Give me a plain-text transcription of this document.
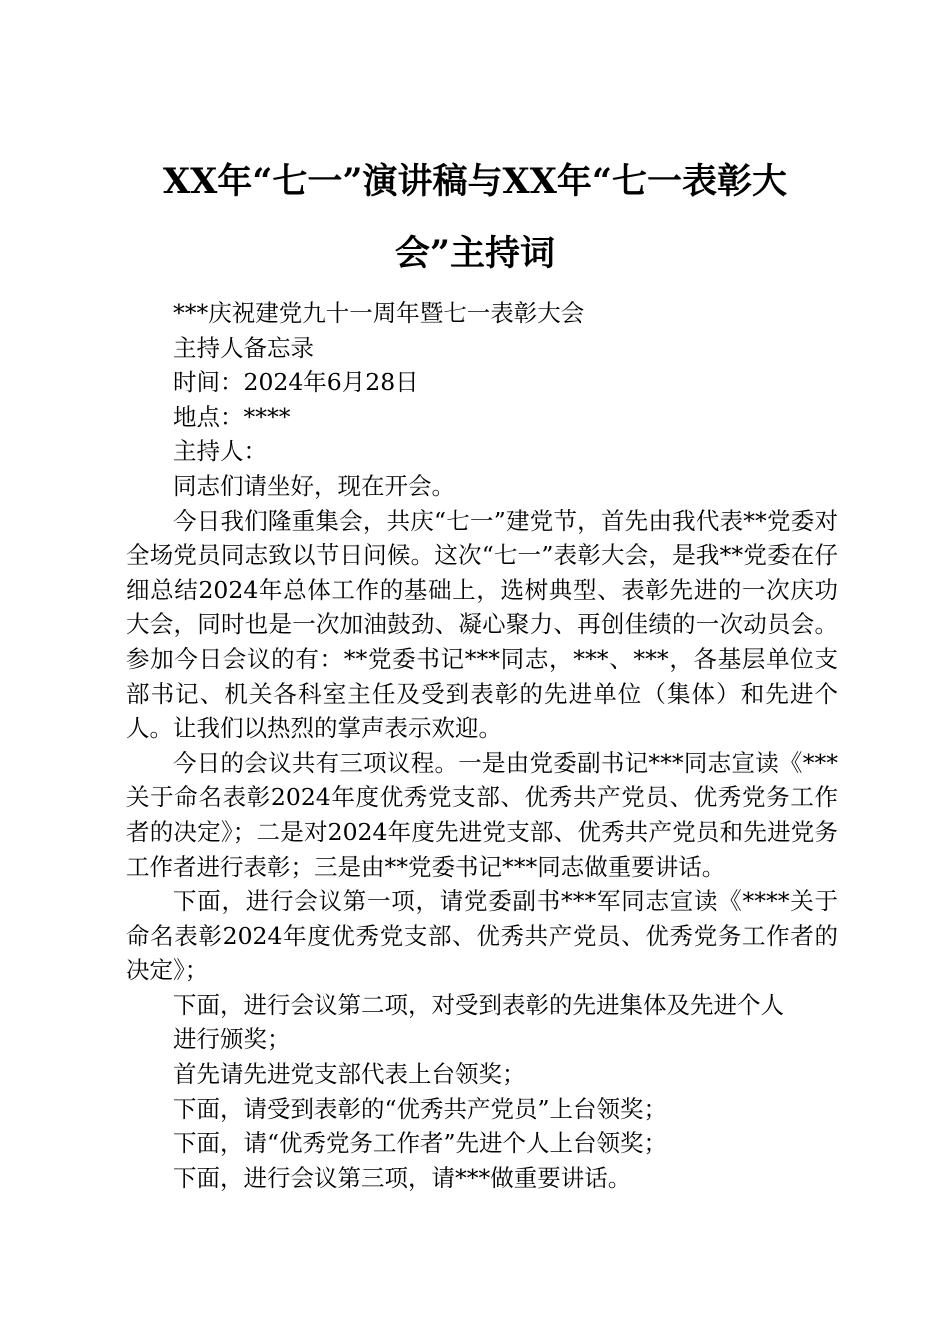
XX年“七一”演讲稿与XX年“七一表彰大
会”主持词

***庆祝建党九十一周年暨七一表彰大会

主持人备忘录

时间：2024年6月28日

地点：****

主持人：

同志们请坐好，现在开会。

今日我们隆重集会，共庆“七一”建党节，首先由我代表**党委对全场党员同志致以节日问候。这次“七一”表彰大会，是我**党委在仔细总结2024年总体工作的基础上，选树典型、表彰先进的一次庆功大会，同时也是一次加油鼓劲、凝心聚力、再创佳绩的一次动员会。参加今日会议的有：**党委书记***同志，***、***，各基层单位支部书记、机关各科室主任及受到表彰的先进单位（集体）和先进个人。让我们以热烈的掌声表示欢迎。

今日的会议共有三项议程。一是由党委副书记***同志宣读《***关于命名表彰2024年度优秀党支部、优秀共产党员、优秀党务工作者的决定》；二是对2024年度先进党支部、优秀共产党员和先进党务工作者进行表彰；三是由**党委书记***同志做重要讲话。

下面，进行会议第一项，请党委副书***军同志宣读《****关于命名表彰2024年度优秀党支部、优秀共产党员、优秀党务工作者的决定》；

下面，进行会议第二项，对受到表彰的先进集体及先进个人

进行颁奖；

首先请先进党支部代表上台领奖；

下面，请受到表彰的“优秀共产党员”上台领奖；

下面，请“优秀党务工作者”先进个人上台领奖；

下面，进行会议第三项，请***做重要讲话。
